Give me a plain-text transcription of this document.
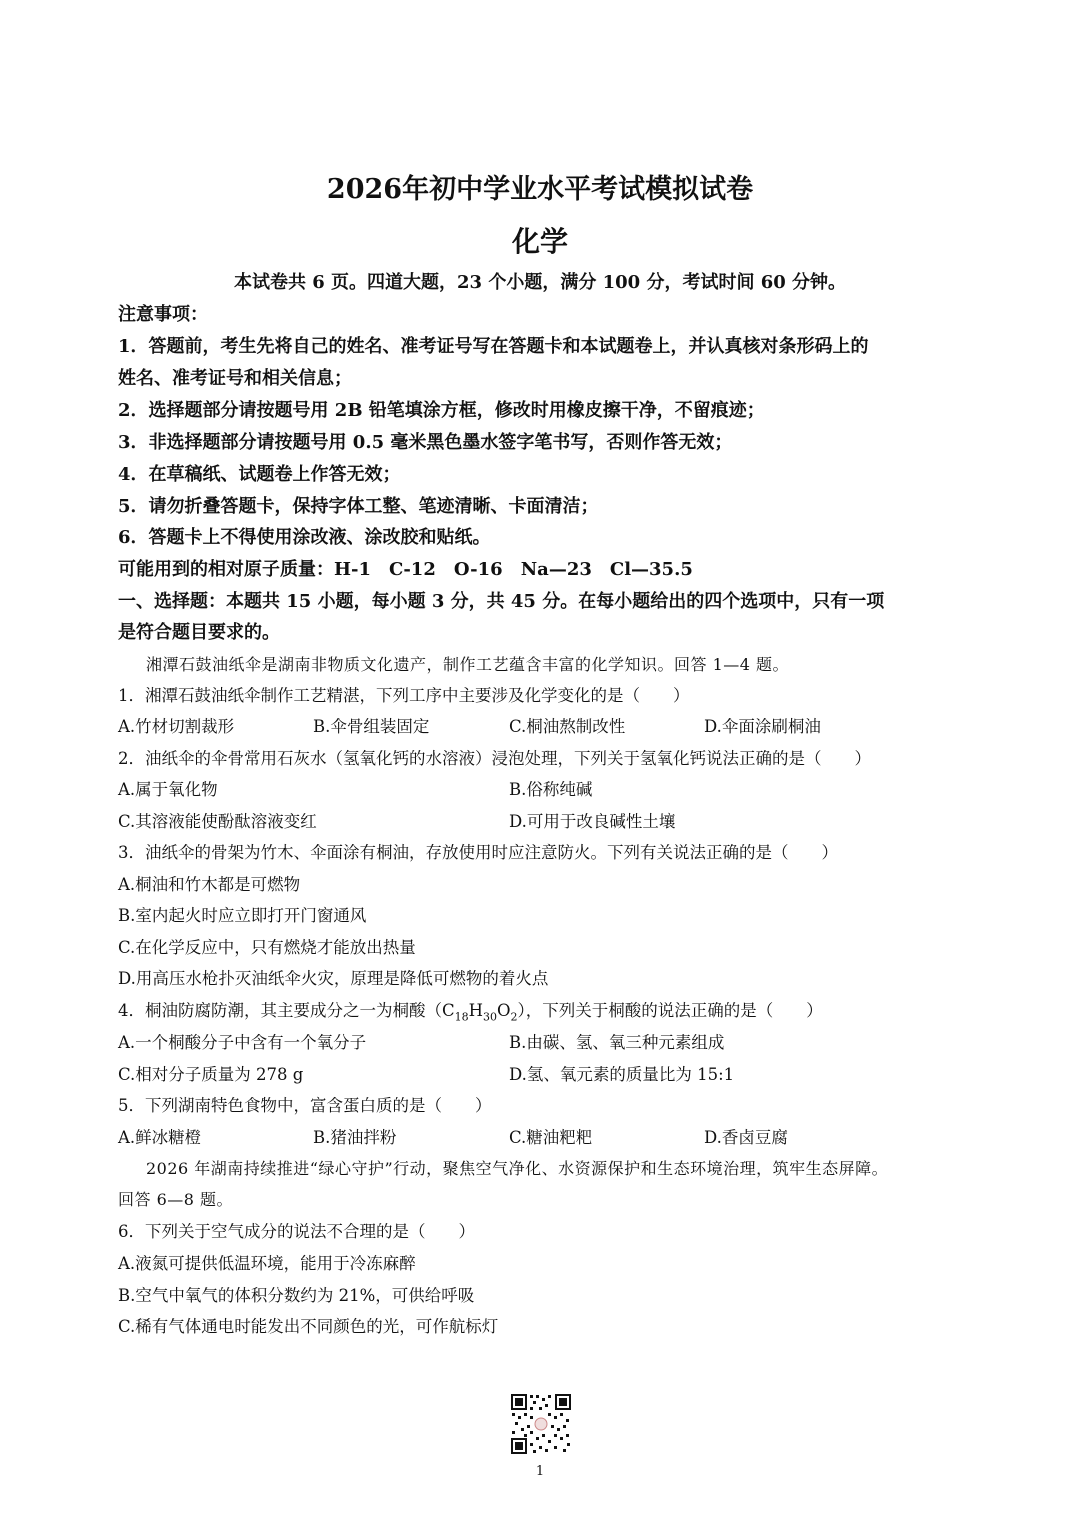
2026年初中学业水平考试模拟试卷
化学
本试卷共 6 页。四道大题，23 个小题，满分 100 分，考试时间 60 分钟。
注意事项：
1．答题前，考生先将自己的姓名、准考证号写在答题卡和本试题卷上，并认真核对条形码上的
姓名、准考证号和相关信息；
2．选择题部分请按题号用 2B 铅笔填涂方框，修改时用橡皮擦干净，不留痕迹；
3．非选择题部分请按题号用 0.5 毫米黑色墨水签字笔书写，否则作答无效；
4．在草稿纸、试题卷上作答无效；
5．请勿折叠答题卡，保持字体工整、笔迹清晰、卡面清洁；
6．答题卡上不得使用涂改液、涂改胶和贴纸。
可能用到的相对原子质量：H-1　C-12　O-16　Na—23　Cl—35.5
一、选择题：本题共 15 小题，每小题 3 分，共 45 分。在每小题给出的四个选项中，只有一项
是符合题目要求的。
湘潭石鼓油纸伞是湖南非物质文化遗产，制作工艺蕴含丰富的化学知识。回答 1—4 题。
1．湘潭石鼓油纸伞制作工艺精湛，下列工序中主要涉及化学变化的是（　　）
A.竹材切割裁形	B.伞骨组装固定	C.桐油熬制改性	D.伞面涂刷桐油
2．油纸伞的伞骨常用石灰水（氢氧化钙的水溶液）浸泡处理，下列关于氢氧化钙说法正确的是（　　）
A.属于氧化物	B.俗称纯碱
C.其溶液能使酚酞溶液变红	D.可用于改良碱性土壤
3．油纸伞的骨架为竹木、伞面涂有桐油，存放使用时应注意防火。下列有关说法正确的是（　　）
A.桐油和竹木都是可燃物
B.室内起火时应立即打开门窗通风
C.在化学反应中，只有燃烧才能放出热量
D.用高压水枪扑灭油纸伞火灾，原理是降低可燃物的着火点
4．桐油防腐防潮，其主要成分之一为桐酸$(C_{18}H_{30}O_2)$，下列关于桐酸的说法正确的是（　　）
A.一个桐酸分子中含有一个氧分子	B.由碳、氢、氧三种元素组成
C.相对分子质量为 278 g	D.氢、氧元素的质量比为 15:1
5．下列湖南特色食物中，富含蛋白质的是（　　）
A.鲜冰糖橙	B.猪油拌粉	C.糖油粑粑	D.香卤豆腐
2026 年湖南持续推进“绿心守护”行动，聚焦空气净化、水资源保护和生态环境治理，筑牢生态屏障。
回答 6—8 题。
6．下列关于空气成分的说法不合理的是（　　）
A.液氮可提供低温环境，能用于冷冻麻醉
B.空气中氧气的体积分数约为 21%，可供给呼吸
C.稀有气体通电时能发出不同颜色的光，可作航标灯
1
